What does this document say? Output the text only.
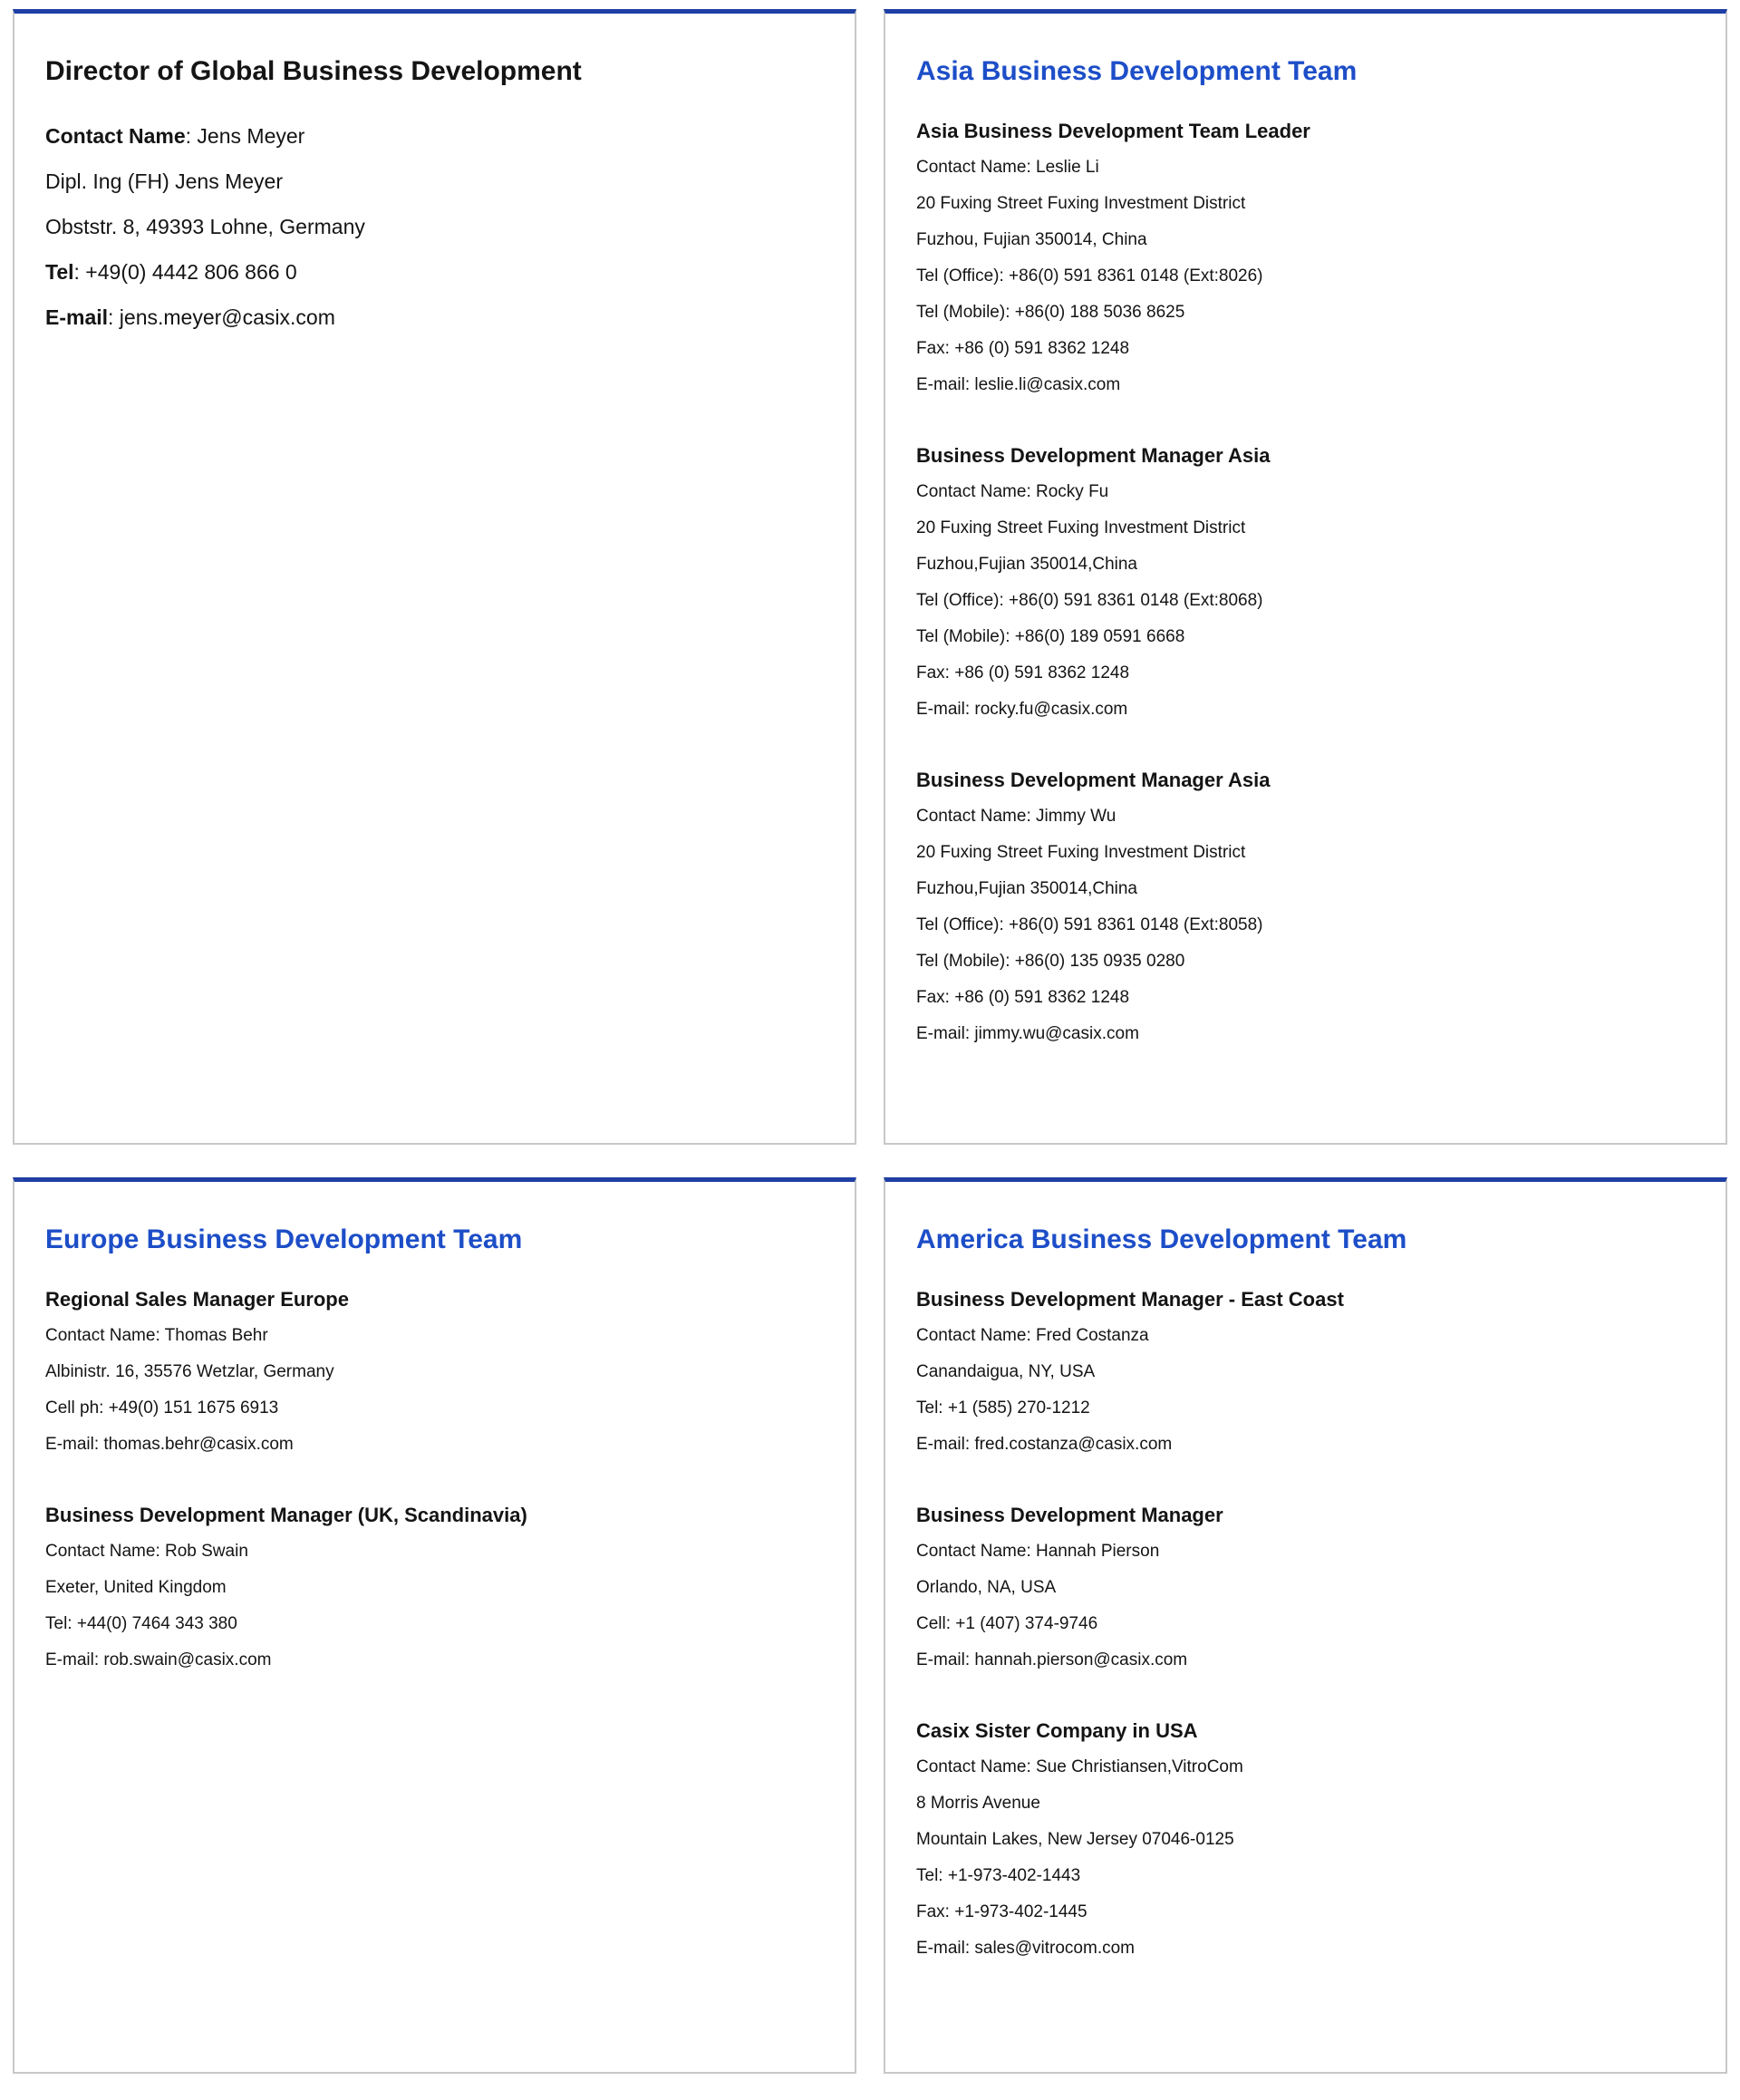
Director of Global Business Development
Contact Name: Jens Meyer
Dipl. Ing (FH) Jens Meyer
Obststr. 8, 49393 Lohne, Germany
Tel: +49(0) 4442 806 866 0
E-mail: jens.meyer@casix.com
Asia Business Development Team
Asia Business Development Team Leader
Contact Name: Leslie Li
20 Fuxing Street Fuxing Investment District
Fuzhou, Fujian 350014, China
Tel (Office): +86(0) 591 8361 0148 (Ext:8026)
Tel (Mobile): +86(0) 188 5036 8625
Fax: +86 (0) 591 8362 1248
E-mail: leslie.li@casix.com
Business Development Manager Asia
Contact Name: Rocky Fu
20 Fuxing Street Fuxing Investment District
Fuzhou,Fujian 350014,China
Tel (Office): +86(0) 591 8361 0148 (Ext:8068)
Tel (Mobile): +86(0) 189 0591 6668
Fax: +86 (0) 591 8362 1248
E-mail: rocky.fu@casix.com
Business Development Manager Asia
Contact Name: Jimmy Wu
20 Fuxing Street Fuxing Investment District
Fuzhou,Fujian 350014,China
Tel (Office): +86(0) 591 8361 0148 (Ext:8058)
Tel (Mobile): +86(0) 135 0935 0280
Fax: +86 (0) 591 8362 1248
E-mail: jimmy.wu@casix.com
Europe Business Development Team
Regional Sales Manager Europe
Contact Name: Thomas Behr
Albinistr. 16, 35576 Wetzlar, Germany
Cell ph: +49(0) 151 1675 6913
E-mail: thomas.behr@casix.com
Business Development Manager (UK, Scandinavia)
Contact Name: Rob Swain
Exeter, United Kingdom
Tel: +44(0) 7464 343 380
E-mail: rob.swain@casix.com
America Business Development Team
Business Development Manager - East Coast
Contact Name: Fred Costanza
Canandaigua, NY, USA
Tel: +1 (585) 270-1212
E-mail: fred.costanza@casix.com
Business Development Manager
Contact Name: Hannah Pierson
Orlando, NA, USA
Cell: +1 (407) 374-9746
E-mail: hannah.pierson@casix.com
Casix Sister Company in USA
Contact Name: Sue Christiansen,VitroCom
8 Morris Avenue
Mountain Lakes, New Jersey 07046-0125
Tel: +1-973-402-1443
Fax: +1-973-402-1445
E-mail: sales@vitrocom.com
